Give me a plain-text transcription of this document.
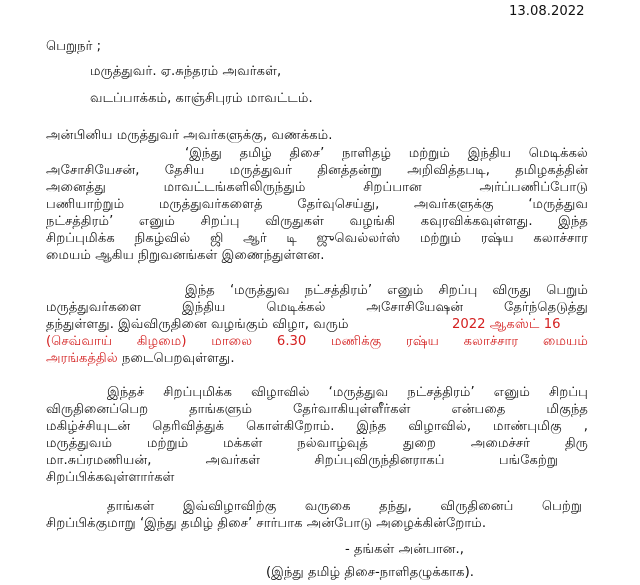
13.08.2022
பெறுநர் ;
மருத்துவர். ஏ.சுந்தரம் அவர்கள்,
வடப்பாக்கம், காஞ்சிபுரம் மாவட்டம்.
அன்பினிய மருத்துவர் அவர்களுக்கு, வணக்கம்.
‘இந்து தமிழ் திசை’ நாளிதழ் மற்றும் இந்திய மெடிக்கல்
அசோசியேசன், தேசிய மருத்துவர் தினத்தன்று அறிவித்தபடி, தமிழகத்தின்
அனைத்து மாவட்டங்களிலிருந்தும் சிறப்பான அர்ப்பணிப்போடு
பணியாற்றும் மருத்துவர்களைத் தேர்வுசெய்து, அவர்களுக்கு ‘மருத்துவ
நட்சத்திரம்’ எனும் சிறப்பு விருதுகள் வழங்கி கவுரவிக்கவுள்ளது. இந்த
சிறப்புமிக்க நிகழ்வில் ஜி ஆர் டி ஜுவெல்லர்ஸ் மற்றும் ரஷ்ய கலாச்சார
மையம் ஆகிய நிறுவனங்கள் இணைந்துள்ளன.
இந்த ‘மருத்துவ நட்சத்திரம்’ எனும் சிறப்பு விருது பெறும்
மருத்துவர்களை இந்திய மெடிக்கல் அசோசியேஷன் தேர்ந்தெடுத்து
தந்துள்ளது. இவ்விருதினை வழங்கும் விழா, வரும்	2022 ஆகஸ்ட் 16
(செவ்வாய் கிழமை) மாலை 6.30 மணிக்கு ரஷ்ய கலாச்சார மையம்
அரங்கத்தில் நடைபெறவுள்ளது.
இந்தச் சிறப்புமிக்க விழாவில் ‘மருத்துவ நட்சத்திரம்’ எனும் சிறப்பு
விருதினைப்பெற தாங்களும் தேர்வாகியுள்ளீர்கள் என்பதை மிகுந்த
மகிழ்ச்சியுடன் தெரிவித்துக் கொள்கிறோம். இந்த விழாவில், மாண்புமிகு ,
மருத்துவம் மற்றும் மக்கள் நல்வாழ்வுத் துறை அமைச்சர் திரு
மா.சுப்ரமணியன், அவர்கள் சிறப்புவிருந்தினராகப் பங்கேற்று
சிறப்பிக்கவுள்ளார்கள்
தாங்கள் இவ்விழாவிற்கு வருகை தந்து, விருதினைப் பெற்று
சிறப்பிக்குமாறு ‘இந்து தமிழ் திசை’ சார்பாக அன்போடு அழைக்கின்றோம்.
- தங்கள் அன்பான.,
(இந்து தமிழ் திசை-நாளிதழுக்காக).
